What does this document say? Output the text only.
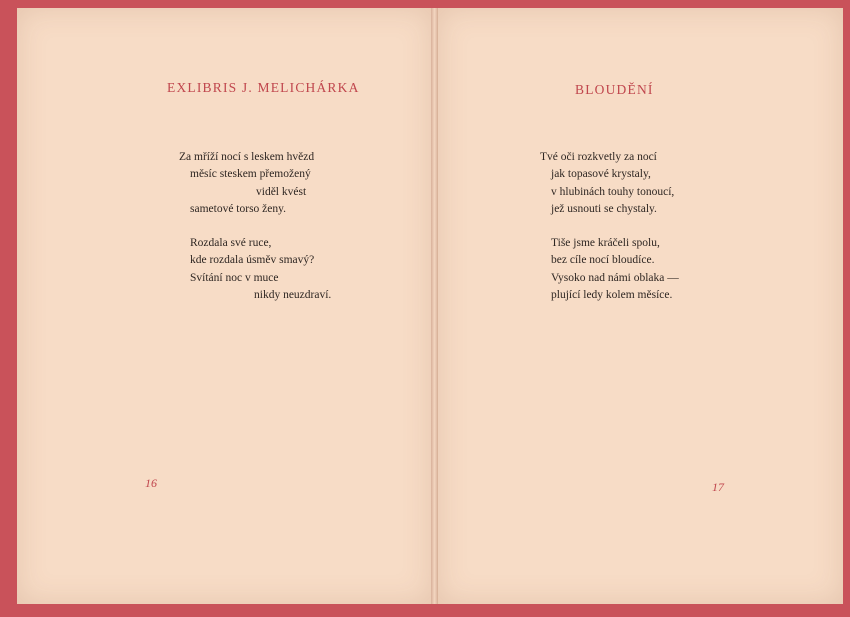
EXLIBRIS J. MELICHÁRKA
Za mříží nocí s leskem hvězd
měsíc steskem přemožený
viděl kvést
sametové torso ženy.
Rozdala své ruce,
kde rozdala úsměv smavý?
Svítání noc v muce
nikdy neuzdraví.
16
BLOUDĚNÍ
Tvé oči rozkvetly za nocí
jak topasové krystaly,
v hlubinách touhy tonoucí,
jež usnouti se chystaly.
Tiše jsme kráčeli spolu,
bez cíle nocí bloudíce.
Vysoko nad námi oblaka —
plující ledy kolem měsíce.
17
